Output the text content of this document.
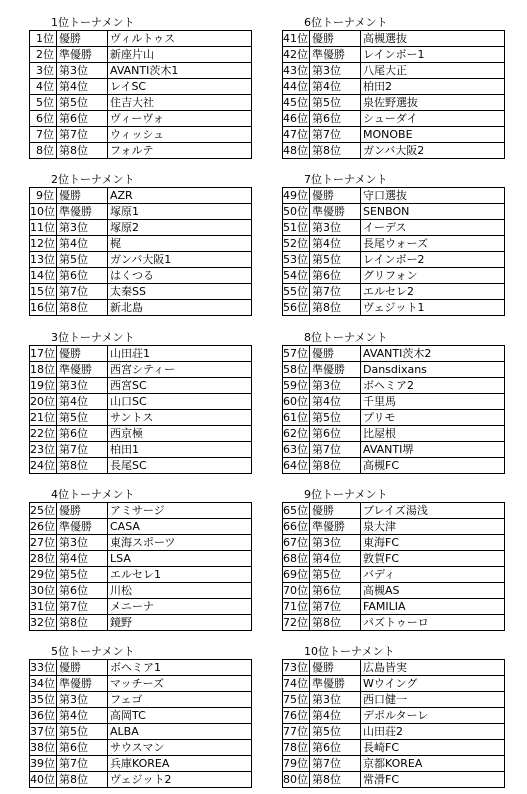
1位トーナメント
1位	優勝	ヴィルトゥス
2位	準優勝	新座片山
3位	第3位	AVANTI茨木1
4位	第4位	レイSC
5位	第5位	住吉大社
6位	第6位	ヴィーヴォ
7位	第7位	ウィッシュ
8位	第8位	フォルテ
2位トーナメント
9位	優勝	AZR
10位	準優勝	塚原1
11位	第3位	塚原2
12位	第4位	梶
13位	第5位	ガンバ大阪1
14位	第6位	はくつる
15位	第7位	太秦SS
16位	第8位	新北島
3位トーナメント
17位	優勝	山田荘1
18位	準優勝	西宮シティー
19位	第3位	西宮SC
20位	第4位	山口SC
21位	第5位	サントス
22位	第6位	西京極
23位	第7位	柏田1
24位	第8位	長尾SC
4位トーナメント
25位	優勝	アミサージ
26位	準優勝	CASA
27位	第3位	東海スポーツ
28位	第4位	LSA
29位	第5位	エルセレ1
30位	第6位	川松
31位	第7位	メニーナ
32位	第8位	鏡野
5位トーナメント
33位	優勝	ボヘミア1
34位	準優勝	マッチーズ
35位	第3位	フェゴ
36位	第4位	高岡TC
37位	第5位	ALBA
38位	第6位	サウスマン
39位	第7位	兵庫KOREA
40位	第8位	ヴェジット2
6位トーナメント
41位	優勝	高槻選抜
42位	準優勝	レインボー1
43位	第3位	八尾大正
44位	第4位	柏田2
45位	第5位	泉佐野選抜
46位	第6位	シューダイ
47位	第7位	MONOBE
48位	第8位	ガンバ大阪2
7位トーナメント
49位	優勝	守口選抜
50位	準優勝	SENBON
51位	第3位	イーデス
52位	第4位	長尾ウォーズ
53位	第5位	レインボー2
54位	第6位	グリフォン
55位	第7位	エルセレ2
56位	第8位	ヴェジット1
8位トーナメント
57位	優勝	AVANTI茨木2
58位	準優勝	Dansdixans
59位	第3位	ボヘミア2
60位	第4位	千里馬
61位	第5位	プリモ
62位	第6位	比屋根
63位	第7位	AVANTI堺
64位	第8位	高槻FC
9位トーナメント
65位	優勝	ブレイズ湯浅
66位	準優勝	泉大津
67位	第3位	東海FC
68位	第4位	敦賀FC
69位	第5位	バディ
70位	第6位	高槻AS
71位	第7位	FAMILIA
72位	第8位	パズトゥーロ
10位トーナメント
73位	優勝	広島皆実
74位	準優勝	Wウイング
75位	第3位	西口健一
76位	第4位	デポルターレ
77位	第5位	山田荘2
78位	第6位	長崎FC
79位	第7位	京都KOREA
80位	第8位	常滑FC
